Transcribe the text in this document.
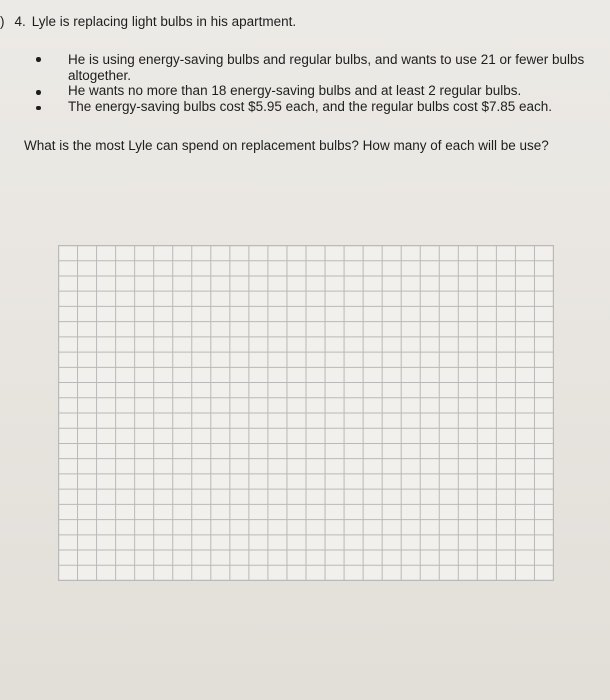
) 4. Lyle is replacing light bulbs in his apartment.
He is using energy-saving bulbs and regular bulbs, and wants to use 21 or fewer bulbs altogether.
He wants no more than 18 energy-saving bulbs and at least 2 regular bulbs.
The energy-saving bulbs cost $5.95 each, and the regular bulbs cost $7.85 each.
What is the most Lyle can spend on replacement bulbs? How many of each will be use?
